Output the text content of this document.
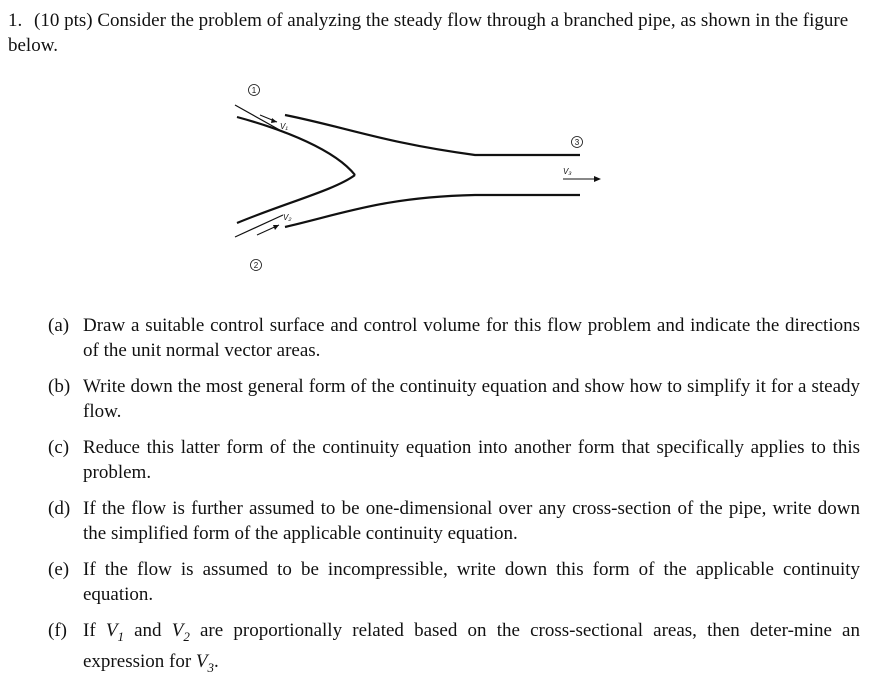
1. (10 pts) Consider the problem of analyzing the steady flow through a branched pipe, as shown in the figure below.
1
2
3
V₁
V₂
V₃
(a) Draw a suitable control surface and control volume for this flow problem and indicate the directions of the unit normal vector areas.
(b) Write down the most general form of the continuity equation and show how to simplify it for a steady flow.
(c) Reduce this latter form of the continuity equation into another form that specifically applies to this problem.
(d) If the flow is further assumed to be one-dimensional over any cross-section of the pipe, write down the simplified form of the applicable continuity equation.
(e) If the flow is assumed to be incompressible, write down this form of the applicable continuity equation.
(f) If $V_1$ and $V_2$ are proportionally related based on the cross-sectional areas, then deter-mine an expression for $V_3$.
